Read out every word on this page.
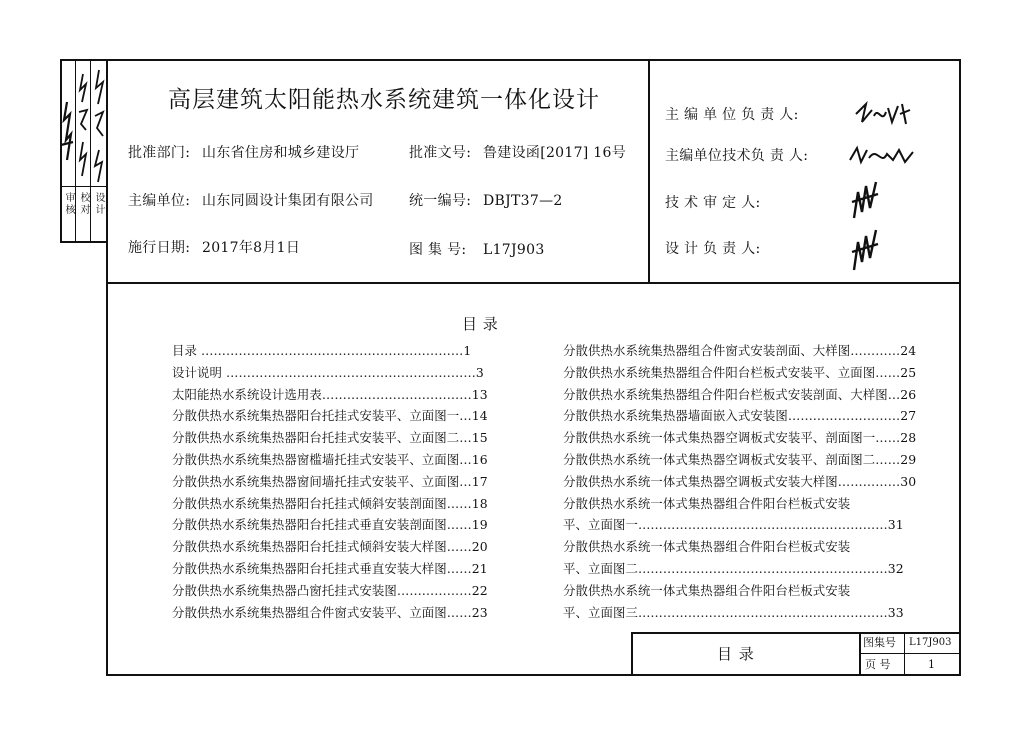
审核 校对 设计
高层建筑太阳能热水系统建筑一体化设计
批准部门: 山东省住房和城乡建设厅	批准文号: 鲁建设函[2017] 16号
主编单位: 山东同圆设计集团有限公司	统一编号: DBJT37—2
施行日期: 2017年8月1日	图 集 号: L17J903
主 编 单 位 负 责 人:
主编单位技术负 责 人:
技 术 审 定 人:
设 计 负 责 人:
目 录
目录 ………………………………………………………1
设计说明 ……………………………………………………3
太阳能热水系统设计选用表………………………………13
分散供热水系统集热器阳台托挂式安装平、立面图一…14
分散供热水系统集热器阳台托挂式安装平、立面图二…15
分散供热水系统集热器窗槛墙托挂式安装平、立面图…16
分散供热水系统集热器窗间墙托挂式安装平、立面图…17
分散供热水系统集热器阳台托挂式倾斜安装剖面图……18
分散供热水系统集热器阳台托挂式垂直安装剖面图……19
分散供热水系统集热器阳台托挂式倾斜安装大样图……20
分散供热水系统集热器阳台托挂式垂直安装大样图……21
分散供热水系统集热器凸窗托挂式安装图………………22
分散供热水系统集热器组合件窗式安装平、立面图……23
分散供热水系统集热器组合件窗式安装剖面、大样图…………24
分散供热水系统集热器组合件阳台栏板式安装平、立面图……25
分散供热水系统集热器组合件阳台栏板式安装剖面、大样图…26
分散供热水系统集热器墙面嵌入式安装图………………………27
分散供热水系统一体式集热器空调板式安装平、剖面图一……28
分散供热水系统一体式集热器空调板式安装平、剖面图二……29
分散供热水系统一体式集热器空调板式安装大样图……………30
分散供热水系统一体式集热器组合件阳台栏板式安装
平、立面图一……………………………………………………31
分散供热水系统一体式集热器组合件阳台栏板式安装
平、立面图二……………………………………………………32
分散供热水系统一体式集热器组合件阳台栏板式安装
平、立面图三……………………………………………………33
目 录
图集号 L17J903
页 号	1
